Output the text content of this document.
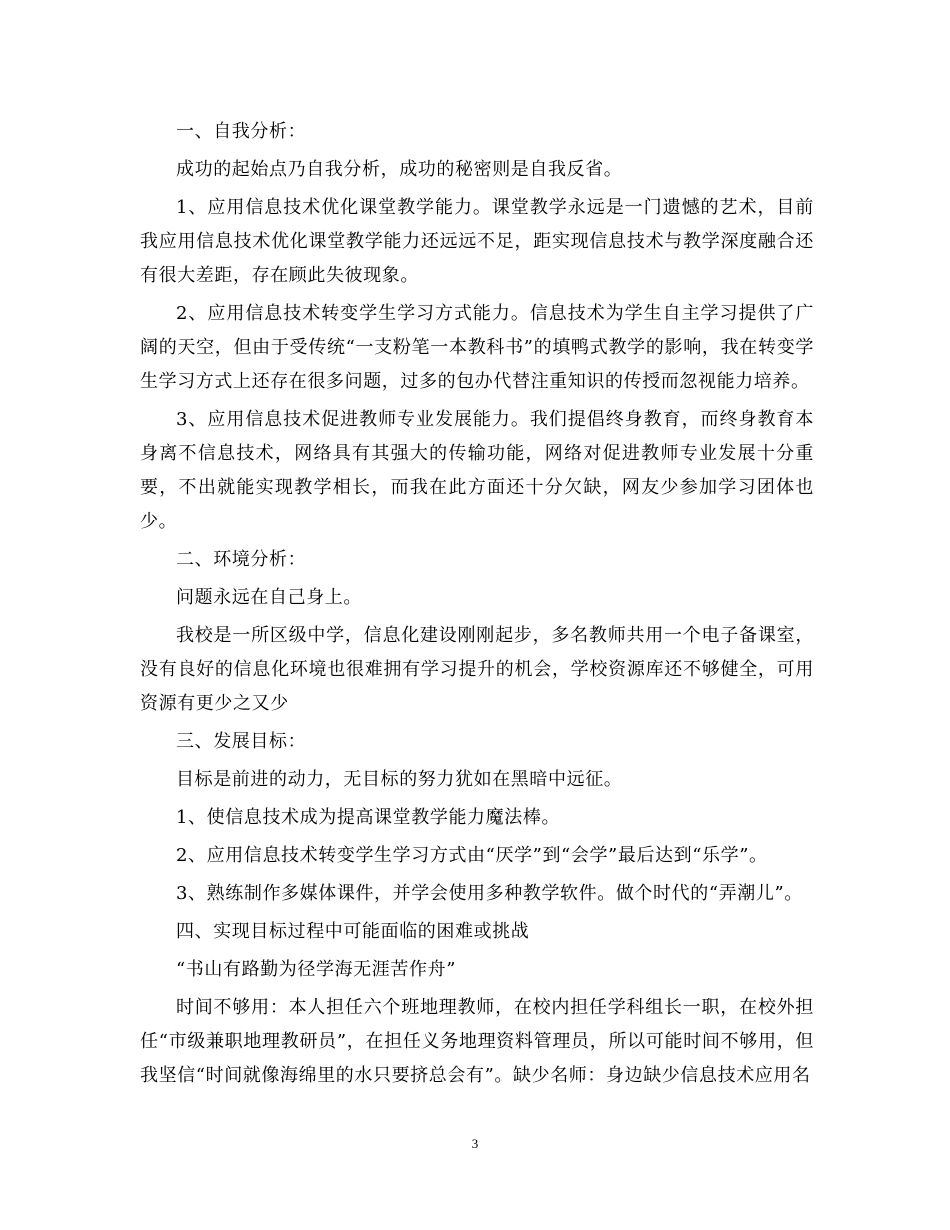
一、自我分析：

成功的起始点乃自我分析，成功的秘密则是自我反省。

1、应用信息技术优化课堂教学能力。课堂教学永远是一门遗憾的艺术，目前我应用信息技术优化课堂教学能力还远远不足，距实现信息技术与教学深度融合还有很大差距，存在顾此失彼现象。

2、应用信息技术转变学生学习方式能力。信息技术为学生自主学习提供了广阔的天空，但由于受传统“一支粉笔一本教科书”的填鸭式教学的影响，我在转变学生学习方式上还存在很多问题，过多的包办代替注重知识的传授而忽视能力培养。

3、应用信息技术促进教师专业发展能力。我们提倡终身教育，而终身教育本身离不信息技术，网络具有其强大的传输功能，网络对促进教师专业发展十分重要，不出就能实现教学相长，而我在此方面还十分欠缺，网友少参加学习团体也少。

二、环境分析：

问题永远在自己身上。

我校是一所区级中学，信息化建设刚刚起步，多名教师共用一个电子备课室，没有良好的信息化环境也很难拥有学习提升的机会，学校资源库还不够健全，可用资源有更少之又少

三、发展目标：

目标是前进的动力，无目标的努力犹如在黑暗中远征。

1、使信息技术成为提高课堂教学能力魔法棒。

2、应用信息技术转变学生学习方式由“厌学”到“会学”最后达到“乐学”。

3、熟练制作多媒体课件，并学会使用多种教学软件。做个时代的“弄潮儿”。

四、实现目标过程中可能面临的困难或挑战

“书山有路勤为径学海无涯苦作舟”

时间不够用：本人担任六个班地理教师，在校内担任学科组长一职，在校外担任“市级兼职地理教研员”，在担任义务地理资料管理员，所以可能时间不够用，但我坚信“时间就像海绵里的水只要挤总会有”。缺少名师：身边缺少信息技术应用名

3
